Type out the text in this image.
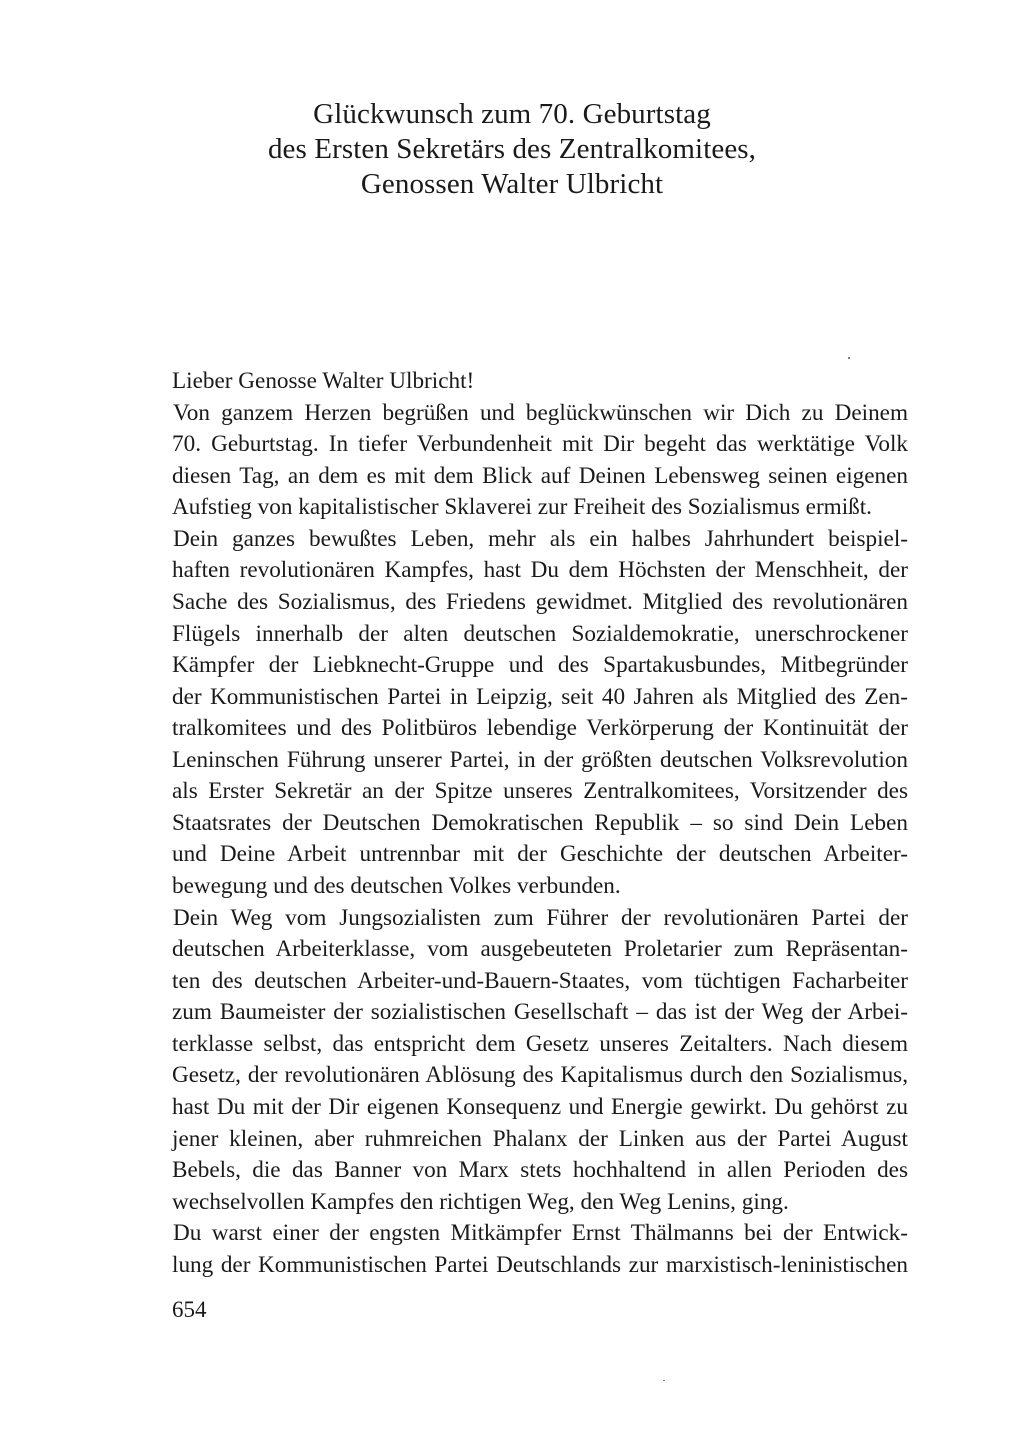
Glückwunsch zum 70. Geburtstag
des Ersten Sekretärs des Zentralkomitees,
Genossen Walter Ulbricht
Lieber Genosse Walter Ulbricht!
Von ganzem Herzen begrüßen und beglückwünschen wir Dich zu Deinem
70. Geburtstag. In tiefer Verbundenheit mit Dir begeht das werktätige Volk
diesen Tag, an dem es mit dem Blick auf Deinen Lebensweg seinen eigenen
Aufstieg von kapitalistischer Sklaverei zur Freiheit des Sozialismus ermißt.
Dein ganzes bewußtes Leben, mehr als ein halbes Jahrhundert beispiel-
haften revolutionären Kampfes, hast Du dem Höchsten der Menschheit, der
Sache des Sozialismus, des Friedens gewidmet. Mitglied des revolutionären
Flügels innerhalb der alten deutschen Sozialdemokratie, unerschrockener
Kämpfer der Liebknecht-Gruppe und des Spartakusbundes, Mitbegründer
der Kommunistischen Partei in Leipzig, seit 40 Jahren als Mitglied des Zen-
tralkomitees und des Politbüros lebendige Verkörperung der Kontinuität der
Leninschen Führung unserer Partei, in der größten deutschen Volksrevolution
als Erster Sekretär an der Spitze unseres Zentralkomitees, Vorsitzender des
Staatsrates der Deutschen Demokratischen Republik – so sind Dein Leben
und Deine Arbeit untrennbar mit der Geschichte der deutschen Arbeiter-
bewegung und des deutschen Volkes verbunden.
Dein Weg vom Jungsozialisten zum Führer der revolutionären Partei der
deutschen Arbeiterklasse, vom ausgebeuteten Proletarier zum Repräsentan-
ten des deutschen Arbeiter-und-Bauern-Staates, vom tüchtigen Facharbeiter
zum Baumeister der sozialistischen Gesellschaft – das ist der Weg der Arbei-
terklasse selbst, das entspricht dem Gesetz unseres Zeitalters. Nach diesem
Gesetz, der revolutionären Ablösung des Kapitalismus durch den Sozialismus,
hast Du mit der Dir eigenen Konsequenz und Energie gewirkt. Du gehörst zu
jener kleinen, aber ruhmreichen Phalanx der Linken aus der Partei August
Bebels, die das Banner von Marx stets hochhaltend in allen Perioden des
wechselvollen Kampfes den richtigen Weg, den Weg Lenins, ging.
Du warst einer der engsten Mitkämpfer Ernst Thälmanns bei der Entwick-
lung der Kommunistischen Partei Deutschlands zur marxistisch-leninistischen
654
